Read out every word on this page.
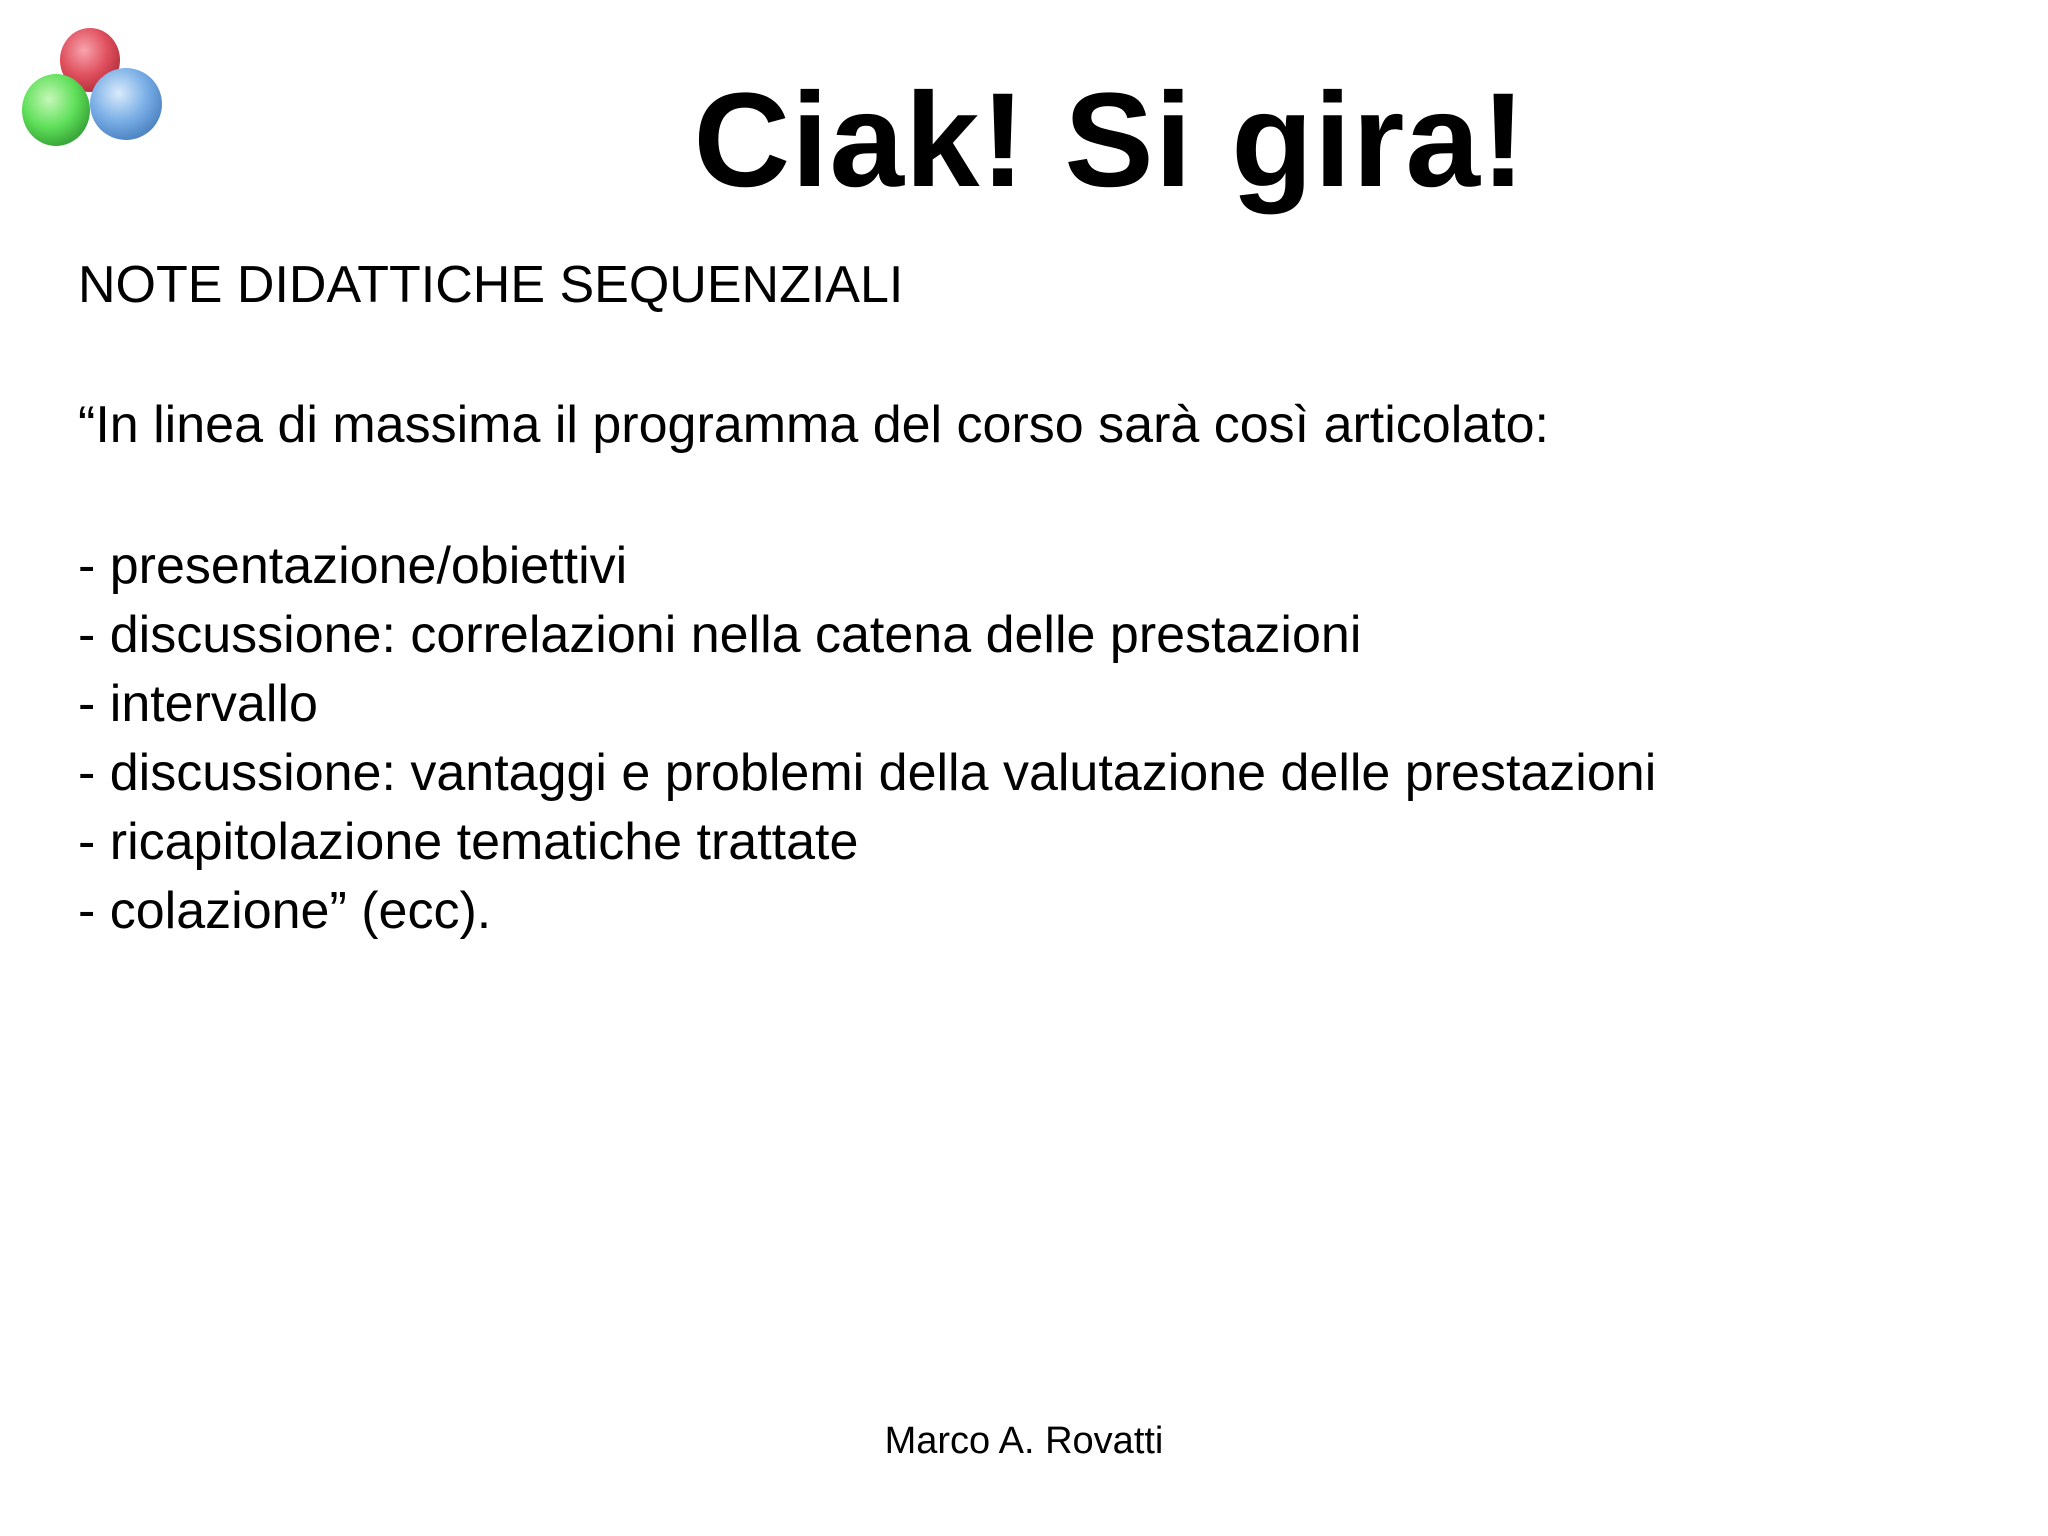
Ciak! Si gira!
NOTE DIDATTICHE SEQUENZIALI
“In linea di massima il programma del corso sarà così articolato:
- presentazione/obiettivi
- discussione: correlazioni nella catena delle prestazioni
- intervallo
- discussione: vantaggi e problemi della valutazione delle prestazioni
- ricapitolazione tematiche trattate
- colazione” (ecc).
Marco A. Rovatti
